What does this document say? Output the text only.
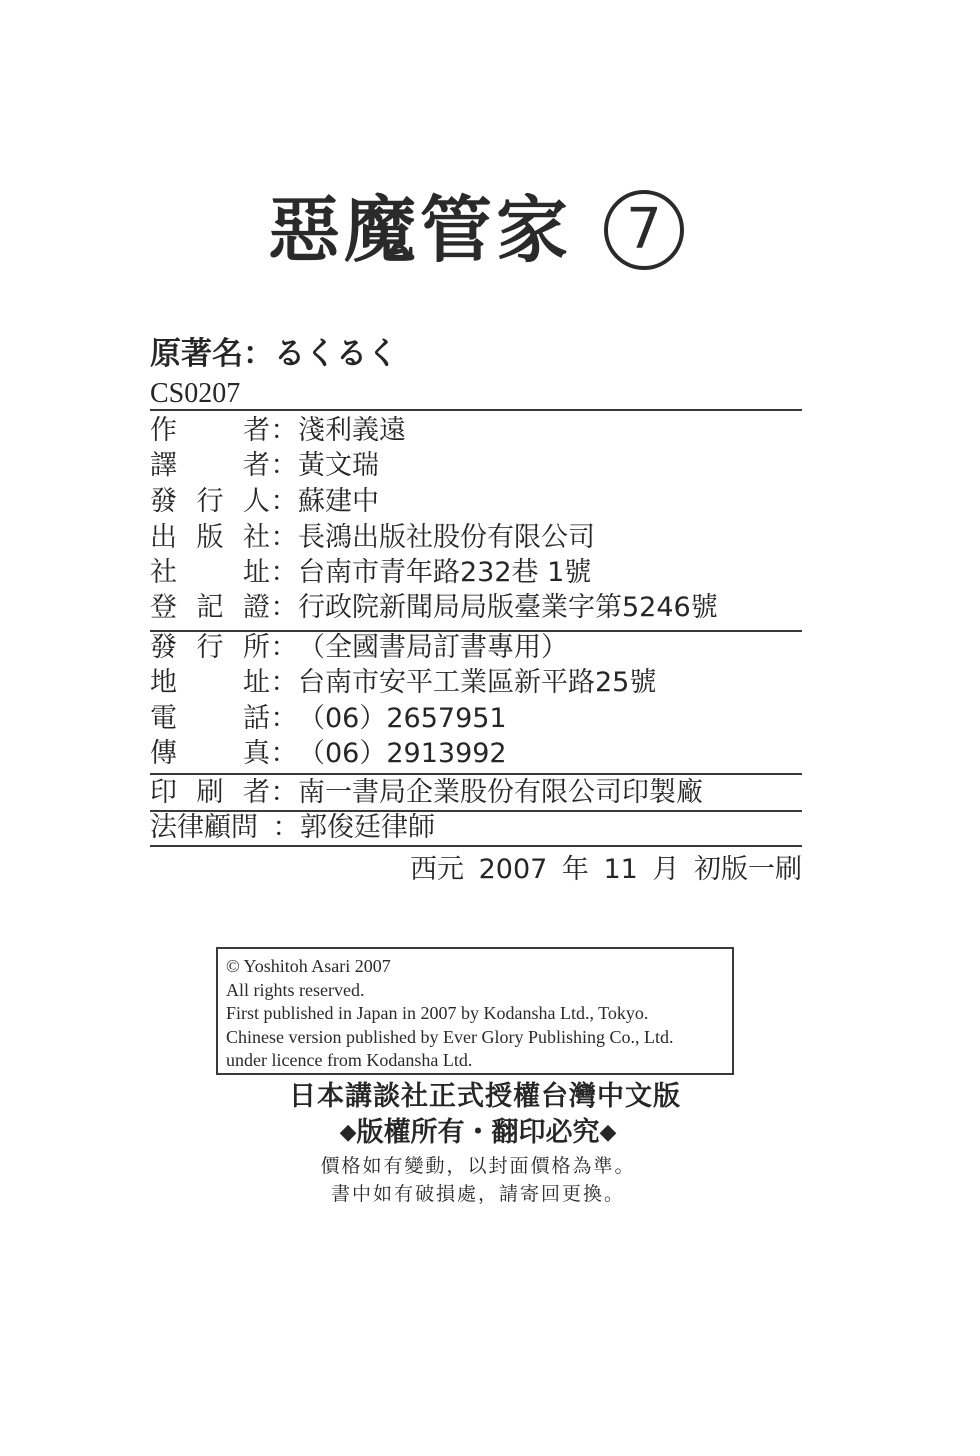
惡魔管家 7
原著名：るくるく
CS0207
作 者 ： 淺利義遠
譯 者 ： 黃文瑞
發 行 人 ： 蘇建中
出 版 社 ： 長鴻出版社股份有限公司
社 址 ： 台南市青年路232巷 1號
登 記 證 ： 行政院新聞局局版臺業字第5246號
發 行 所 ： （全國書局訂書專用）
地 址 ： 台南市安平工業區新平路25號
電 話 ： （06）2657951
傳 真 ： （06）2913992
印 刷 者 ： 南一書局企業股份有限公司印製廠
法律顧問 ： 郭俊廷律師
西元 2007 年 11 月 初版一刷
© Yoshitoh Asari 2007
All rights reserved.
First published in Japan in 2007 by Kodansha Ltd., Tokyo.
Chinese version published by Ever Glory Publishing Co., Ltd.
under licence from Kodansha Ltd.
日本講談社正式授權台灣中文版
◆版權所有・翻印必究◆
價格如有變動，以封面價格為準。
書中如有破損處，請寄回更換。
